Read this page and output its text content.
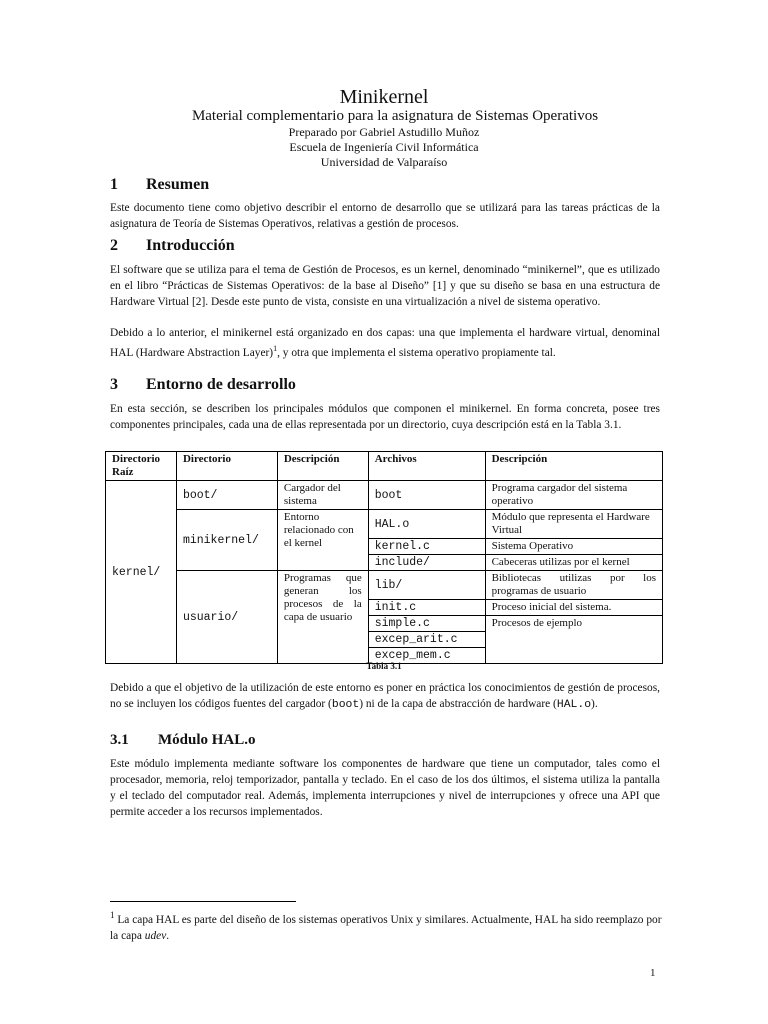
Minikernel
Material complementario para la asignatura de Sistemas Operativos
Preparado por Gabriel Astudillo Muñoz
Escuela de Ingeniería Civil Informática
Universidad de Valparaíso
1 Resumen

Este documento tiene como objetivo describir el entorno de desarrollo que se utilizará para las tareas prácticas de la asignatura de Teoría de Sistemas Operativos, relativas a gestión de procesos.

2 Introducción

El software que se utiliza para el tema de Gestión de Procesos, es un kernel, denominado “minikernel”, que es utilizado en el libro “Prácticas de Sistemas Operativos: de la base al Diseño” [1] y que su diseño se basa en una estructura de Hardware Virtual [2]. Desde este punto de vista, consiste en una virtualización a nivel de sistema operativo.

Debido a lo anterior, el minikernel está organizado en dos capas: una que implementa el hardware virtual, denominal HAL (Hardware Abstraction Layer)$^1$, y otra que implementa el sistema operativo propiamente tal.

3 Entorno de desarrollo

En esta sección, se describen los principales módulos que componen el minikernel. En forma concreta, posee tres componentes principales, cada una de ellas representada por un directorio, cuya descripción está en la Tabla 3.1.

Directorio Raíz	Directorio	Descripción	Archivos	Descripción
kernel/	boot/	Cargador del sistema	boot	Programa cargador del sistema operativo
	minikernel/	Entorno relacionado con el kernel	HAL.o	Módulo que representa el Hardware Virtual
			kernel.c	Sistema Operativo
			include/	Cabeceras utilizas por el kernel
	usuario/	Programas que generan los procesos de la capa de usuario	lib/	Bibliotecas utilizas por los programas de usuario
			init.c	Proceso inicial del sistema.
			simple.c	Procesos de ejemplo
			excep_arit.c	
			excep_mem.c	
Tabla 3.1

Debido a que el objetivo de la utilización de este entorno es poner en práctica los conocimientos de gestión de procesos, no se incluyen los códigos fuentes del cargador (boot) ni de la capa de abstracción de hardware (HAL.o).

3.1 Módulo HAL.o

Este módulo implementa mediante software los componentes de hardware que tiene un computador, tales como el procesador, memoria, reloj temporizador, pantalla y teclado. En el caso de los dos últimos, el sistema utiliza la pantalla y el teclado del computador real. Además, implementa interrupciones y nivel de interrupciones y ofrece una API que permite acceder a los recursos implementados.

$^1$ La capa HAL es parte del diseño de los sistemas operativos Unix y similares. Actualmente, HAL ha sido reemplazo por la capa udev.

1
